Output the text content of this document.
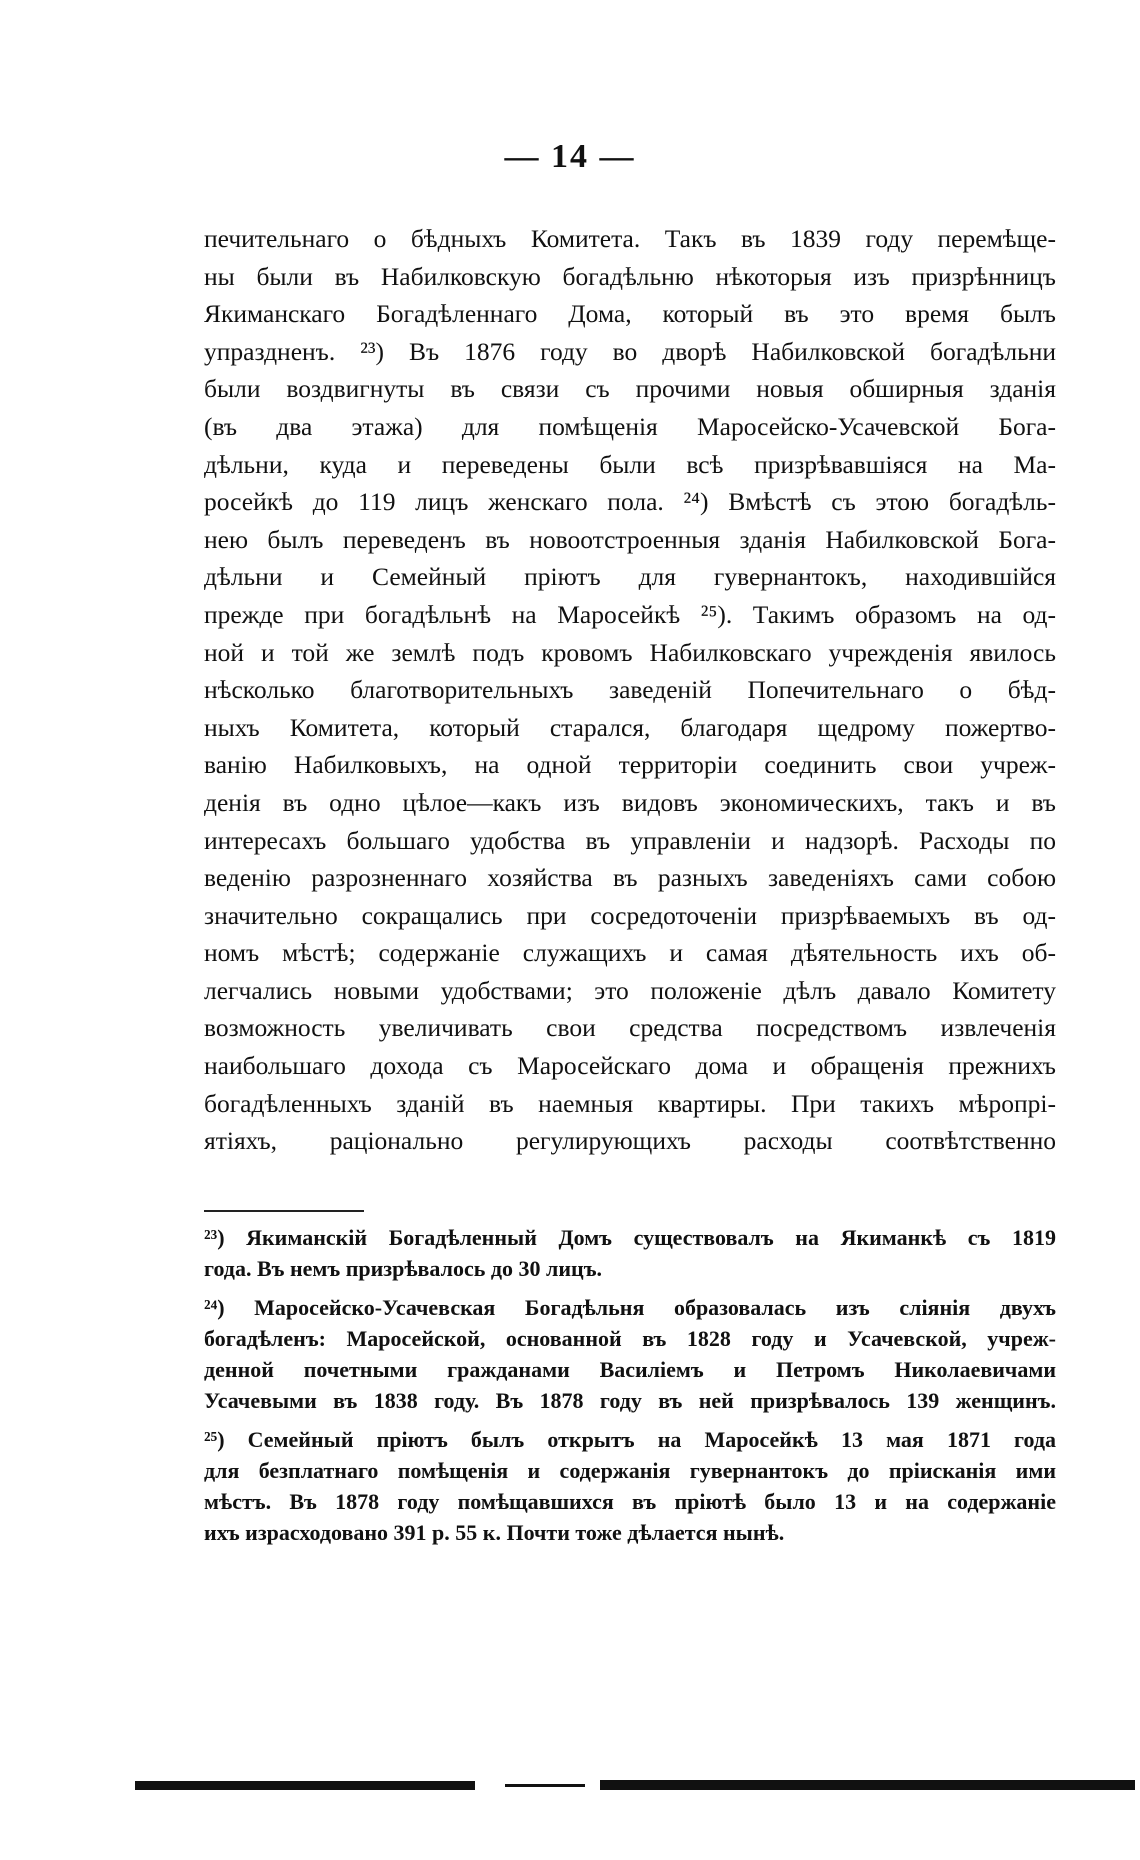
— 14 —
печительнаго о бѣдныхъ Комитета. Такъ въ 1839 году перемѣще-
ны были въ Набилковскую богадѣльню нѣкоторыя изъ призрѣнницъ
Якиманскаго Богадѣленнаго Дома, который въ это время былъ
упраздненъ. ²³) Въ 1876 году во дворѣ Набилковской богадѣльни
были воздвигнуты въ связи съ прочими новыя обширныя зданія
(въ два этажа) для помѣщенія Маросейско-Усачевской Бога-
дѣльни, куда и переведены были всѣ призрѣвавшіяся на Ма-
росейкѣ до 119 лицъ женскаго пола. ²⁴) Вмѣстѣ съ этою богадѣль-
нею былъ переведенъ въ новоотстроенныя зданія Набилковской Бога-
дѣльни и Семейный пріютъ для гувернантокъ, находившійся
прежде при богадѣльнѣ на Маросейкѣ ²⁵). Такимъ образомъ на од-
ной и той же землѣ подъ кровомъ Набилковскаго учрежденія явилось
нѣсколько благотворительныхъ заведеній Попечительнаго о бѣд-
ныхъ Комитета, который старался, благодаря щедрому пожертво-
ванію Набилковыхъ, на одной территоріи соединить свои учреж-
денія въ одно цѣлое—какъ изъ видовъ экономическихъ, такъ и въ
интересахъ большаго удобства въ управленіи и надзорѣ. Расходы по
веденію разрозненнаго хозяйства въ разныхъ заведеніяхъ сами собою
значительно сокращались при сосредоточеніи призрѣваемыхъ въ од-
номъ мѣстѣ; содержаніе служащихъ и самая дѣятельность ихъ об-
легчались новыми удобствами; это положеніе дѣлъ давало Комитету
возможность увеличивать свои средства посредствомъ извлеченія
наибольшаго дохода съ Маросейскаго дома и обращенія прежнихъ
богадѣленныхъ зданій въ наемныя квартиры. При такихъ мѣропрі-
ятіяхъ, раціонально регулирующихъ расходы соотвѣтственно
²³) Якиманскій Богадѣленный Домъ существовалъ на Якиманкѣ съ 1819
года. Въ немъ призрѣвалось до 30 лицъ.
²⁴) Маросейско-Усачевская Богадѣльня образовалась изъ сліянія двухъ
богадѣленъ: Маросейской, основанной въ 1828 году и Усачевской, учреж-
денной почетными гражданами Василіемъ и Петромъ Николаевичами
Усачевыми въ 1838 году. Въ 1878 году въ ней призрѣвалось 139 женщинъ.
²⁵) Семейный пріютъ былъ открытъ на Маросейкѣ 13 мая 1871 года
для безплатнаго помѣщенія и содержанія гувернантокъ до пріисканія ими
мѣстъ. Въ 1878 году помѣщавшихся въ пріютѣ было 13 и на содержаніе
ихъ израсходовано 391 р. 55 к. Почти тоже дѣлается нынѣ.
